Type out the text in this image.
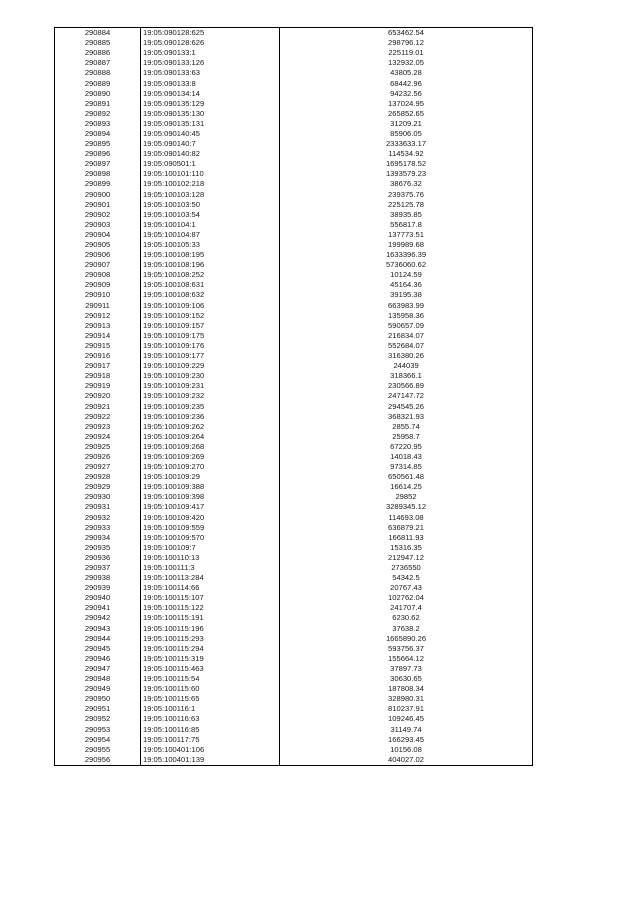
290884	19:05:090128:625	653462.54
290885	19:05:090128:626	298796.12
290886	19:05:090133:1	225119.01
290887	19:05:090133:126	132932.05
290888	19:05:090133:63	43805.28
290889	19:05:090133:8	68442.96
290890	19:05:090134:14	94232.56
290891	19:05:090135:129	137024.95
290892	19:05:090135:130	265852.65
290893	19:05:090135:131	31209.21
290894	19:05:090140:45	85906.05
290895	19:05:090140:7	2333633.17
290896	19:05:090140:82	114534.92
290897	19:05:090501:1	1695178.52
290898	19:05:100101:110	1393579.23
290899	19:05:100102:218	38676.32
290900	19:05:100103:128	239375.76
290901	19:05:100103:50	225125.78
290902	19:05:100103:54	38935.85
290903	19:05:100104:1	556817.8
290904	19:05:100104:87	137773.51
290905	19:05:100105:33	199989.68
290906	19:05:100108:195	1633396.39
290907	19:05:100108:196	5736060.62
290908	19:05:100108:252	10124.59
290909	19:05:100108:631	45164.36
290910	19:05:100108:632	39195.38
290911	19:05:100109:106	663983.99
290912	19:05:100109:152	135958.36
290913	19:05:100109:157	590657.09
290914	19:05:100109:175	216834.07
290915	19:05:100109:176	552684.07
290916	19:05:100109:177	316380.26
290917	19:05:100109:229	244039
290918	19:05:100109:230	318366.1
290919	19:05:100109:231	230566.89
290920	19:05:100109:232	247147.72
290921	19:05:100109:235	294545.26
290922	19:05:100109:236	368321.93
290923	19:05:100109:262	2855.74
290924	19:05:100109:264	25958.7
290925	19:05:100109:268	67220.95
290926	19:05:100109:269	14018.43
290927	19:05:100109:270	97314.85
290928	19:05:100109:29	650561.48
290929	19:05:100109:388	16614.25
290930	19:05:100109:398	29852
290931	19:05:100109:417	3289345.12
290932	19:05:100109:420	114693.08
290933	19:05:100109:559	636879.21
290934	19:05:100109:570	166811.93
290935	19:05:100109:7	15316.35
290936	19:05:100110:13	212947.12
290937	19:05:100111:3	2736550
290938	19:05:100113:284	54342.5
290939	19:05:100114:66	20767.43
290940	19:05:100115:107	102762.04
290941	19:05:100115:122	241707.4
290942	19:05:100115:191	6230.62
290943	19:05:100115:196	37638.2
290944	19:05:100115:293	1665890.26
290945	19:05:100115:294	593756.37
290946	19:05:100115:319	155664.12
290947	19:05:100115:463	37897.73
290948	19:05:100115:54	30630.65
290949	19:05:100115:60	187808.34
290950	19:05:100115:65	328980.31
290951	19:05:100116:1	810237.91
290952	19:05:100116:63	109246.45
290953	19:05:100116:85	31149.74
290954	19:05:100117:75	166293.45
290955	19:05:100401:106	10156.08
290956	19:05:100401:139	404027.02
